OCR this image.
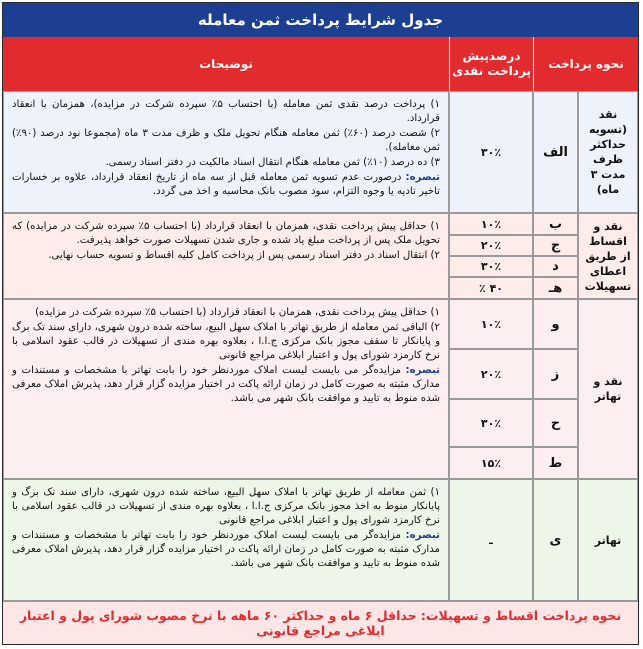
جدول شرایط پرداخت ثمن معامله
نحوه پرداخت
درصدپیش پرداخت نقدی
توضیحات
نقد (تسویه حداکثر ظرف مدت ۳ ماه)
الف
۳۰٪

۱) پرداخت درصد نقدی ثمن معامله (با احتساب ۵٪ سپرده شرکت در مزایده)، همزمان با انعقاد قرارداد.

۲) شصت درصد (۶۰٪) ثمن معامله هنگام تحویل ملک و ظرف مدت ۳ ماه (مجموعا نود درصد (۹۰٪) ثمن معامله).

۳) ده درصد (۱۰٪) ثمن معامله هنگام انتقال اسناد مالکیت در دفتر اسناد رسمی.

تبصره: درصورت عدم تسویه ثمن معامله قبل از سه ماه از تاریخ انعقاد قرارداد، علاوه بر خسارات تاخیر تادیه یا وجوه التزام، سود مصوب بانک محاسبه و اخذ می گردد.

نقد و اقساط از طریق اعطای تسهیلات
ب
۱۰٪
ج
۲۰٪
د
۳۰٪
هـ
۴۰ ٪

۱) حداقل پیش پرداخت نقدی، همزمان با انعقاد قرارداد (با احتساب ۵٪ سپرده شرکت در مزایده) که تحویل ملک پس از پرداخت مبلغ یاد شده و جاری شدن تسهیلات صورت خواهد پذیرفت.

۲) انتقال اسناد در دفتر اسناد رسمی پس از پرداخت کامل کلیه اقساط و تسویه حساب نهایی.

نقد و تهاتر
و
۱۰٪
ز
۲۰٪
ح
۳۰٪
ط
۱۵٪

۱) حداقل پیش پرداخت نقدی، همزمان با انعقاد قرارداد (با احتساب ۵٪ سپرده شرکت در مزایده)

۲) الباقی ثمن معامله از طریق تهاتر با املاک سهل البیع، ساخته شده درون شهری، دارای سند تک برگ و پایانکار تا سقف مجوز بانک مرکزی ج.ا.ا ، بعلاوه بهره مندی از تسهیلات در قالب عقود اسلامی با نرخ کارمزد شورای پول و اعتبار ابلاغی مراجع قانونی

تبصره: مزایده‌گر می بایست لیست املاک موردنظر خود را بابت تهاتر با مشخصات و مستندات و مدارک مثبته به صورت کامل در زمان ارائه پاکت در اختیار مزایده گزار قرار دهد، پذیرش املاک معرفی شده منوط به تایید و موافقت بانک شهر می باشد.

تهاتر
ی
ـ

۱) ثمن معامله از طریق تهاتر با املاک سهل البیع، ساخته شده درون شهری، دارای سند تک برگ و پایانکار منوط به اخذ مجوز بانک مرکزی ج.ا.ا ، بعلاوه بهره مندی از تسهیلات در قالب عقود اسلامی با نرخ کارمزد شورای پول و اعتبار ابلاغی مراجع قانونی

تبصره: مزایده‌گر می بایست لیست املاک موردنظر خود را بابت تهاتر با مشخصات و مستندات و مدارک مثبته به صورت کامل در زمان ارائه پاکت در اختیار مزایده گزار قرار دهد، پذیرش املاک معرفی شده منوط به تایید و موافقت بانک شهر می باشد.

نحوه پرداخت اقساط و تسهیلات: حداقل ۶ ماه و حداکثر ۶۰ ماهه با نرخ مصوب شورای پول و اعتبار ابلاغی مراجع قانونی
